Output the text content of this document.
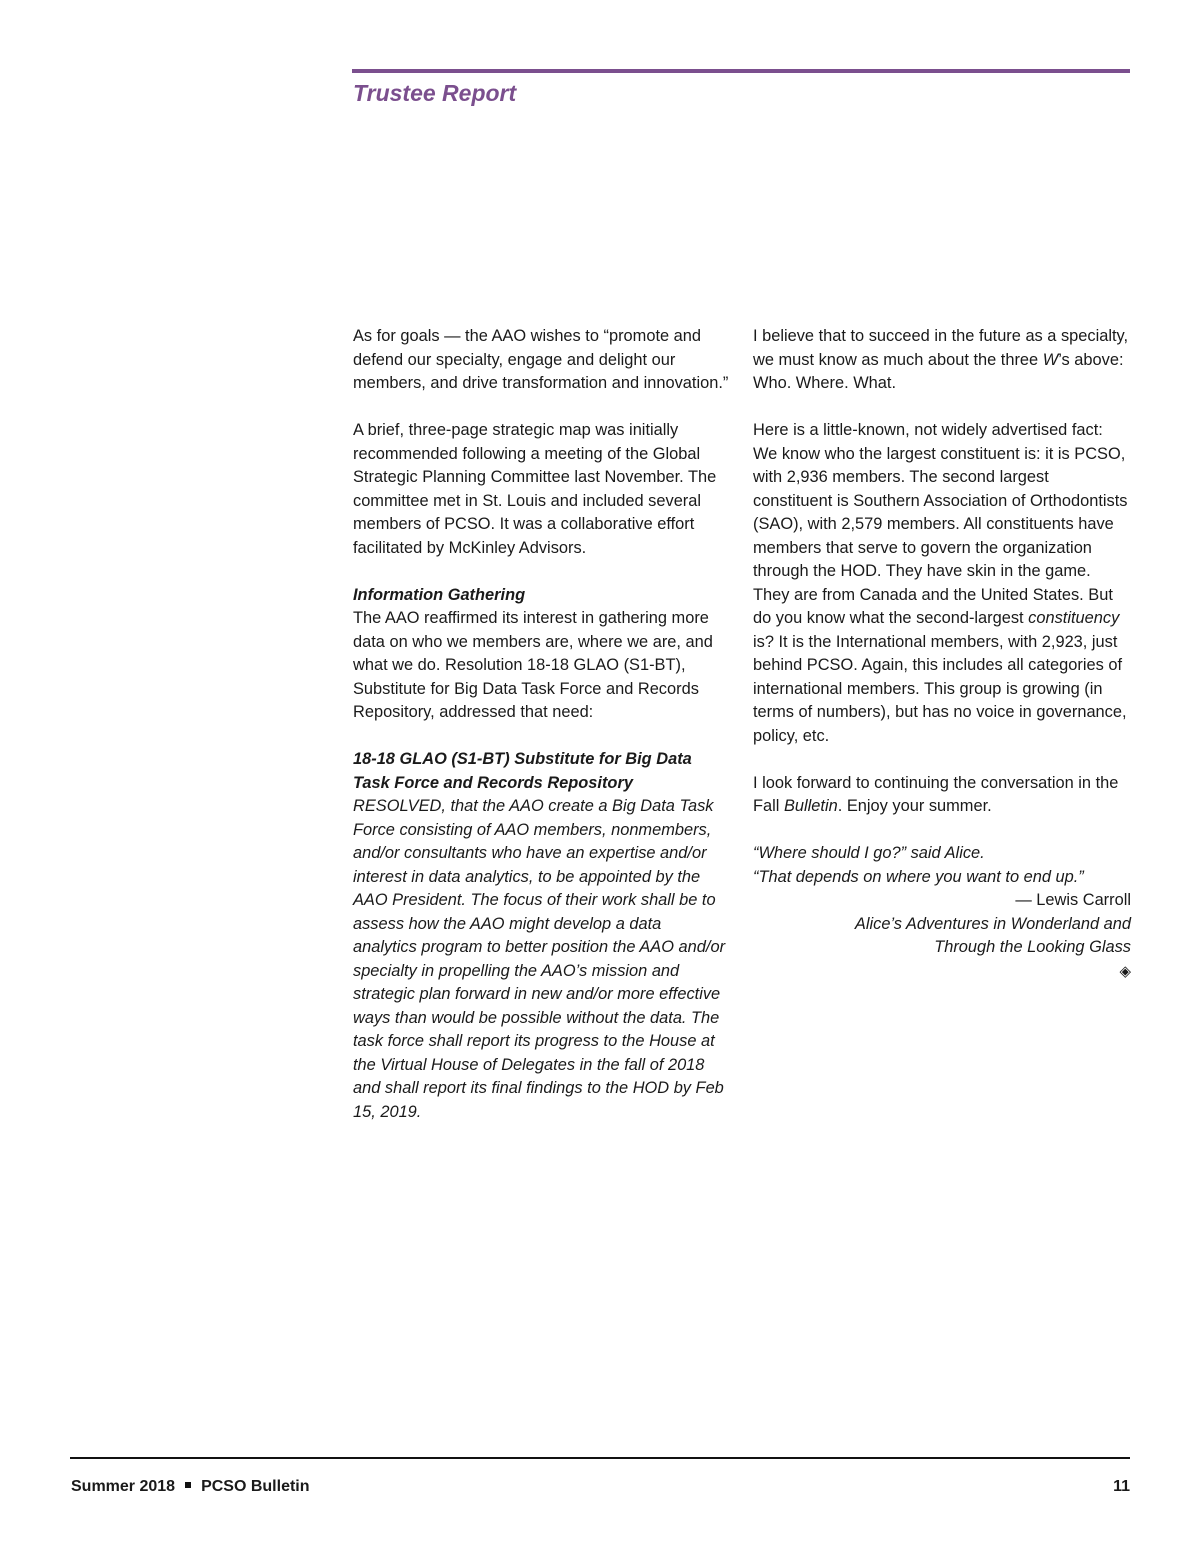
Trustee Report

As for goals — the AAO wishes to “promote and defend our specialty, engage and delight our members, and drive transformation and innovation.”

A brief, three-page strategic map was initially recommended following a meeting of the Global Strategic Planning Committee last November. The committee met in St. Louis and included several members of PCSO. It was a collaborative effort facilitated by McKinley Advisors.

Information Gathering

The AAO reaffirmed its interest in gathering more data on who we members are, where we are, and what we do. Resolution 18-18 GLAO (S1-BT), Substitute for Big Data Task Force and Records Repository, addressed that need:

18-18 GLAO (S1-BT) Substitute for Big Data Task Force and Records Repository

RESOLVED, that the AAO create a Big Data Task Force consisting of AAO members, nonmembers, and/or consultants who have an expertise and/or interest in data analytics, to be appointed by the AAO President. The focus of their work shall be to assess how the AAO might develop a data analytics program to better position the AAO and/or specialty in propelling the AAO’s mission and strategic plan forward in new and/or more effective ways than would be possible without the data. The task force shall report its progress to the House at the Virtual House of Delegates in the fall of 2018 and shall report its final findings to the HOD by Feb 15, 2019.

I believe that to succeed in the future as a specialty, we must know as much about the three W’s above: Who. Where. What.

Here is a little-known, not widely advertised fact: We know who the largest constituent is: it is PCSO, with 2,936 members. The second largest constituent is Southern Association of Orthodontists (SAO), with 2,579 members. All constituents have members that serve to govern the organization through the HOD. They have skin in the game. They are from Canada and the United States. But do you know what the second-largest constituency is? It is the International members, with 2,923, just behind PCSO. Again, this includes all categories of international members. This group is growing (in terms of numbers), but has no voice in governance, policy, etc.

I look forward to continuing the conversation in the Fall Bulletin. Enjoy your summer.

“Where should I go?” said Alice.
“That depends on where you want to end up.”
— Lewis Carroll
Alice’s Adventures in Wonderland and
Through the Looking Glass
◈
Summer 2018 PCSO Bulletin	11
